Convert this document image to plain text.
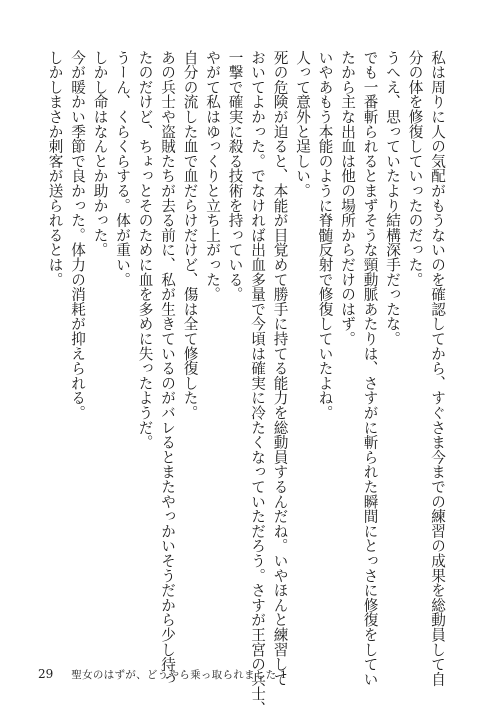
私は周りに人の気配がもうないのを確認してから、すぐさま今までの練習の成果を総動員して自

分の体を修復していったのだった。

うへえ、思っていたより結構深手だったな。

でも一番斬られるとまずそうな頸動脈あたりは、さすがに斬られた瞬間にとっさに修復をしてい

たから主な出血は他の場所からだけのはず。

いやあもう本能のように脊髄反射で修復していたよね。

人って意外と逞しい。

死の危険が迫ると、本能が目覚めて勝手に持てる能力を総動員するんだね。いやほんと練習して

おいてよかった。でなければ出血多量で今頃は確実に冷たくなっていただろう。さすが王宮の兵士、

一撃で確実に殺る技術を持っている。

やがて私はゆっくりと立ち上がった。

自分の流した血で血だらけだけど、傷は全て修復した。

あの兵士や盗賊たちが去る前に、私が生きているのがバレるとまたやっかいそうだから少し待っ

たのだけど、ちょっとそのために血を多めに失ったようだ。

うーん、くらくらする。体が重い。

しかし命はなんとか助かった。

今が暖かい季節で良かった。体力の消耗が抑えられる。

しかしまさか刺客が送られるとは。

29 聖女のはずが、どうやら乗っ取られました 1
